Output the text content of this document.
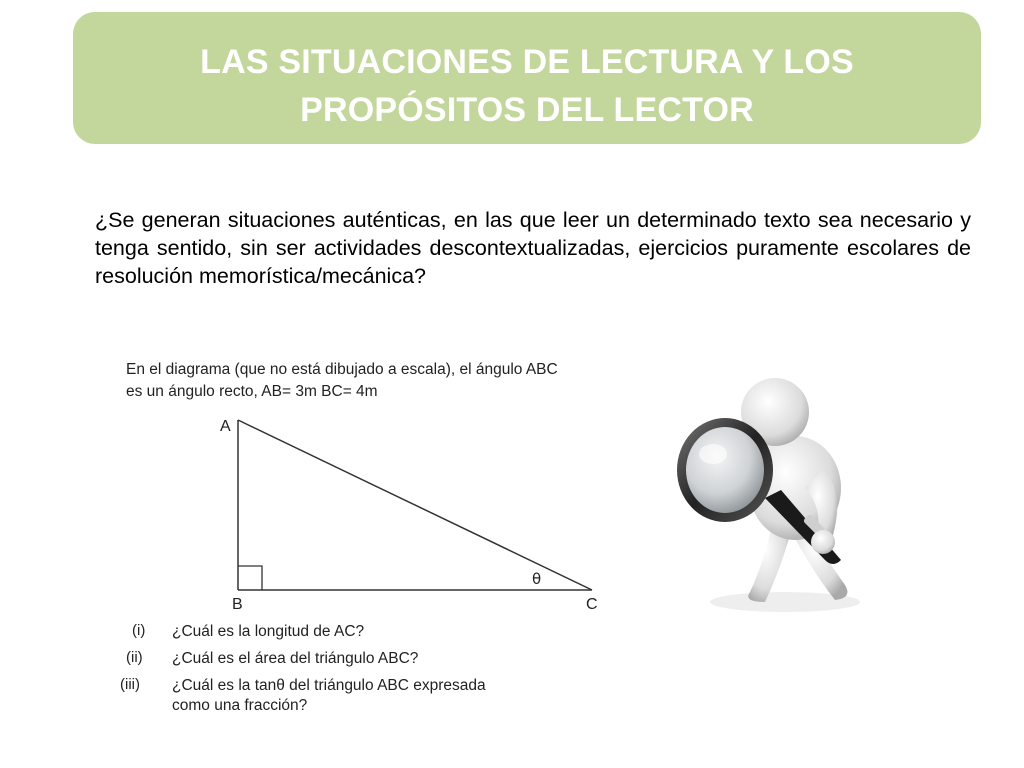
LAS SITUACIONES DE LECTURA Y LOS
PROPÓSITOS DEL LECTOR
¿Se generan situaciones auténticas, en las que leer un determinado texto sea necesario y tenga sentido, sin ser actividades descontextualizadas, ejercicios puramente escolares de resolución memorística/mecánica?
En el diagrama (que no está dibujado a escala), el ángulo ABC
es un ángulo recto, AB= 3m BC= 4m
A
B	C
θ
(i) ¿Cuál es la longitud de AC?
(ii) ¿Cuál es el área del triángulo ABC?
(iii) ¿Cuál es la tanθ del triángulo ABC expresada
como una fracción?
